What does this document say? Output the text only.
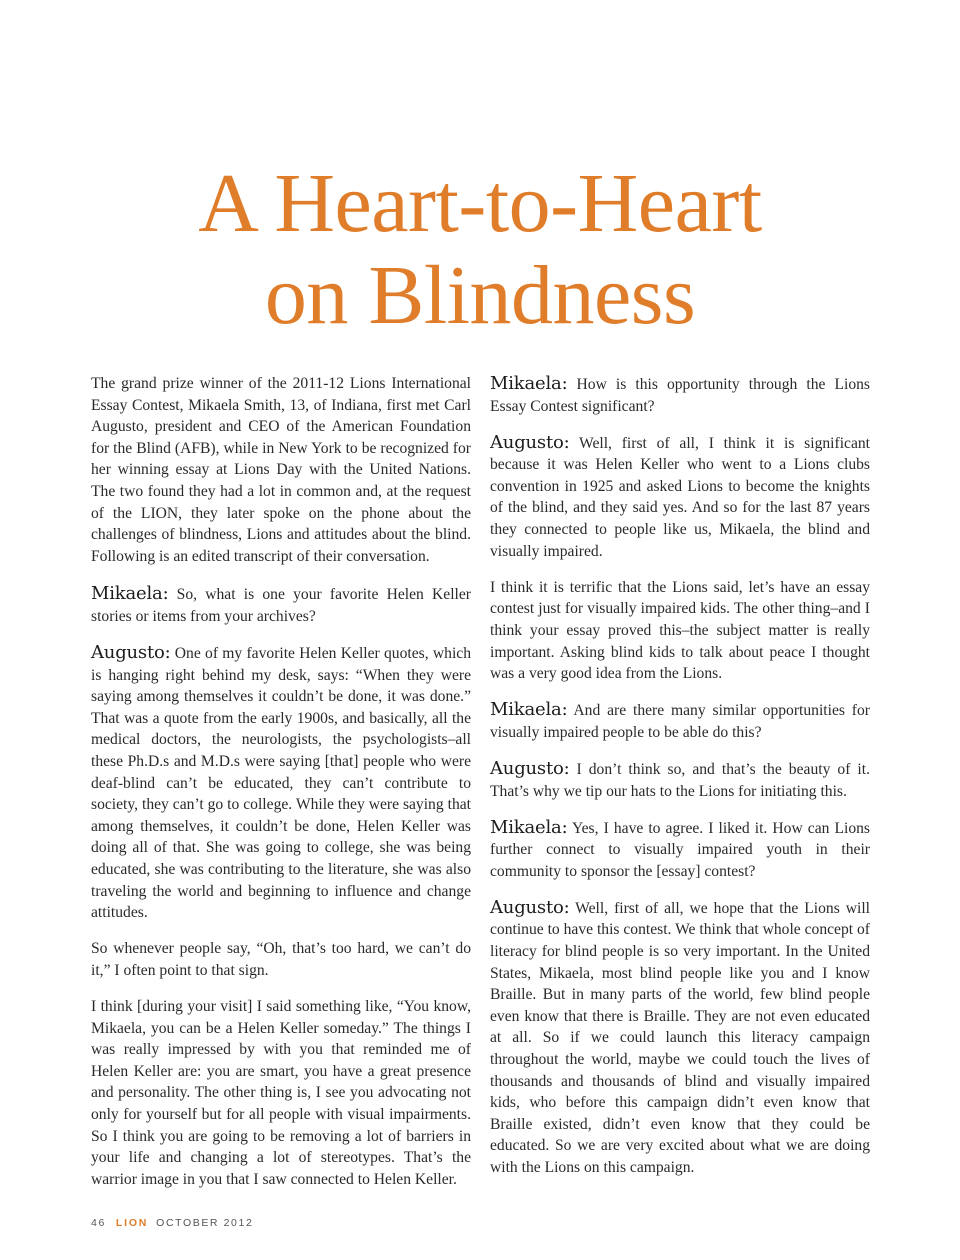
A Heart-to-Heart
on Blindness

The grand prize winner of the 2011-12 Lions International Essay Contest, Mikaela Smith, 13, of Indiana, first met Carl Augusto, president and CEO of the American Foundation for the Blind (AFB), while in New York to be recognized for her winning essay at Lions Day with the United Nations. The two found they had a lot in common and, at the request of the LION, they later spoke on the phone about the challenges of blindness, Lions and attitudes about the blind. Following is an edited transcript of their conversation.

Mikaela: So, what is one your favorite Helen Keller stories or items from your archives?

Augusto: One of my favorite Helen Keller quotes, which is hanging right behind my desk, says: “When they were saying among themselves it couldn’t be done, it was done.” That was a quote from the early 1900s, and basically, all the medical doctors, the neurologists, the psychologists–all these Ph.D.s and M.D.s were saying [that] people who were deaf-blind can’t be educated, they can’t contribute to society, they can’t go to college. While they were saying that among themselves, it couldn’t be done, Helen Keller was doing all of that. She was going to college, she was being educated, she was contributing to the literature, she was also traveling the world and beginning to influence and change attitudes.

So whenever people say, “Oh, that’s too hard, we can’t do it,” I often point to that sign.

I think [during your visit] I said something like, “You know, Mikaela, you can be a Helen Keller someday.” The things I was really impressed by with you that reminded me of Helen Keller are: you are smart, you have a great presence and personality. The other thing is, I see you advocating not only for yourself but for all people with visual impairments. So I think you are going to be removing a lot of barriers in your life and changing a lot of stereotypes. That’s the warrior image in you that I saw connected to Helen Keller.

Mikaela: How is this opportunity through the Lions Essay Contest significant?

Augusto: Well, first of all, I think it is significant because it was Helen Keller who went to a Lions clubs convention in 1925 and asked Lions to become the knights of the blind, and they said yes. And so for the last 87 years they connected to people like us, Mikaela, the blind and visually impaired.

I think it is terrific that the Lions said, let’s have an essay contest just for visually impaired kids. The other thing–and I think your essay proved this–the subject matter is really important. Asking blind kids to talk about peace I thought was a very good idea from the Lions.

Mikaela: And are there many similar opportunities for visually impaired people to be able do this?

Augusto: I don’t think so, and that’s the beauty of it. That’s why we tip our hats to the Lions for initiating this.

Mikaela: Yes, I have to agree. I liked it. How can Lions further connect to visually impaired youth in their community to sponsor the [essay] contest?

Augusto: Well, first of all, we hope that the Lions will continue to have this contest. We think that whole concept of literacy for blind people is so very important. In the United States, Mikaela, most blind people like you and I know Braille. But in many parts of the world, few blind people even know that there is Braille. They are not even educated at all. So if we could launch this literacy campaign throughout the world, maybe we could touch the lives of thousands and thousands of blind and visually impaired kids, who before this campaign didn’t even know that Braille existed, didn’t even know that they could be educated. So we are very excited about what we are doing with the Lions on this campaign.

46 LION OCTOBER 2012
